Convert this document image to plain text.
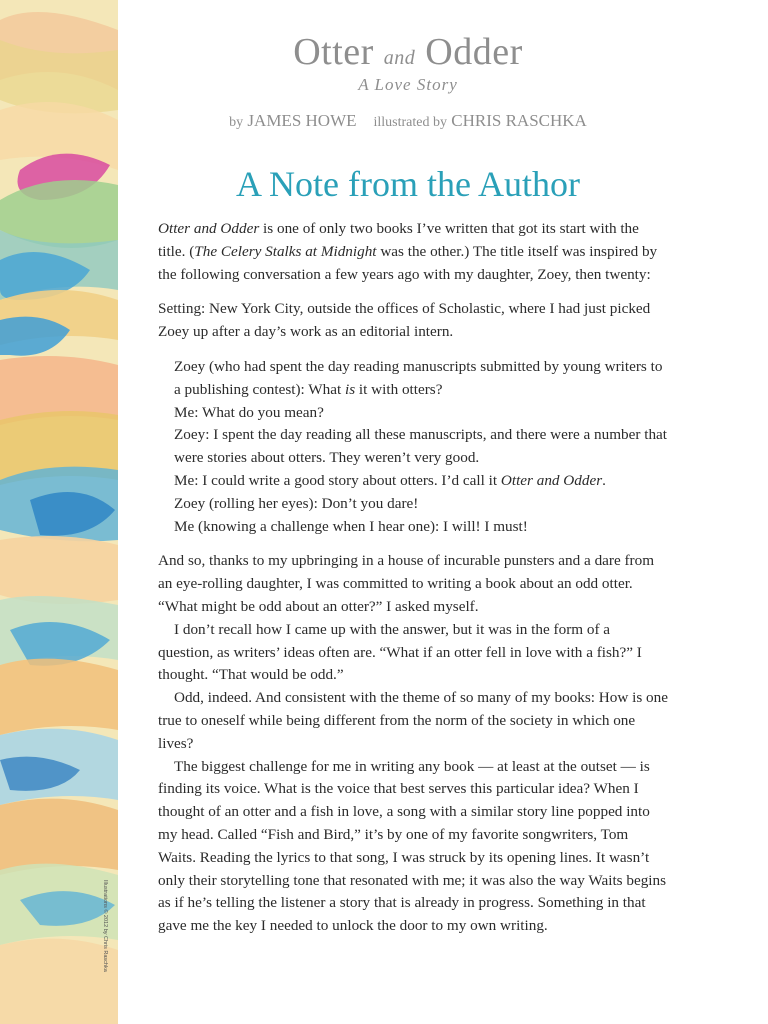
Illustrations © 2012 by Chris Raschka
Otter and Odder
A Love Story
by JAMES HOWE illustrated by CHRIS RASCHKA
A Note from the Author

Otter and Odder is one of only two books I’ve written that got its start with the title. (The Celery Stalks at Midnight was the other.) The title itself was inspired by the following conversation a few years ago with my daughter, Zoey, then twenty:

Setting: New York City, outside the offices of Scholastic, where I had just picked Zoey up after a day’s work as an editorial intern.

Zoey (who had spent the day reading manuscripts submitted by young writers to a publishing contest): What is it with otters?

Me: What do you mean?

Zoey: I spent the day reading all these manuscripts, and there were a number that were stories about otters. They weren’t very good.

Me: I could write a good story about otters. I’d call it Otter and Odder.

Zoey (rolling her eyes): Don’t you dare!

Me (knowing a challenge when I hear one): I will! I must!

And so, thanks to my upbringing in a house of incurable punsters and a dare from an eye-rolling daughter, I was committed to writing a book about an odd otter. “What might be odd about an otter?” I asked myself.

I don’t recall how I came up with the answer, but it was in the form of a question, as writers’ ideas often are. “What if an otter fell in love with a fish?” I thought. “That would be odd.”

Odd, indeed. And consistent with the theme of so many of my books: How is one true to oneself while being different from the norm of the society in which one lives?

The biggest challenge for me in writing any book — at least at the outset — is finding its voice. What is the voice that best serves this particular idea? When I thought of an otter and a fish in love, a song with a similar story line popped into my head. Called “Fish and Bird,” it’s by one of my favorite songwriters, Tom Waits. Reading the lyrics to that song, I was struck by its opening lines. It wasn’t only their storytelling tone that resonated with me; it was also the way Waits begins as if he’s telling the listener a story that is already in progress. Something in that gave me the key I needed to unlock the door to my own writing.
